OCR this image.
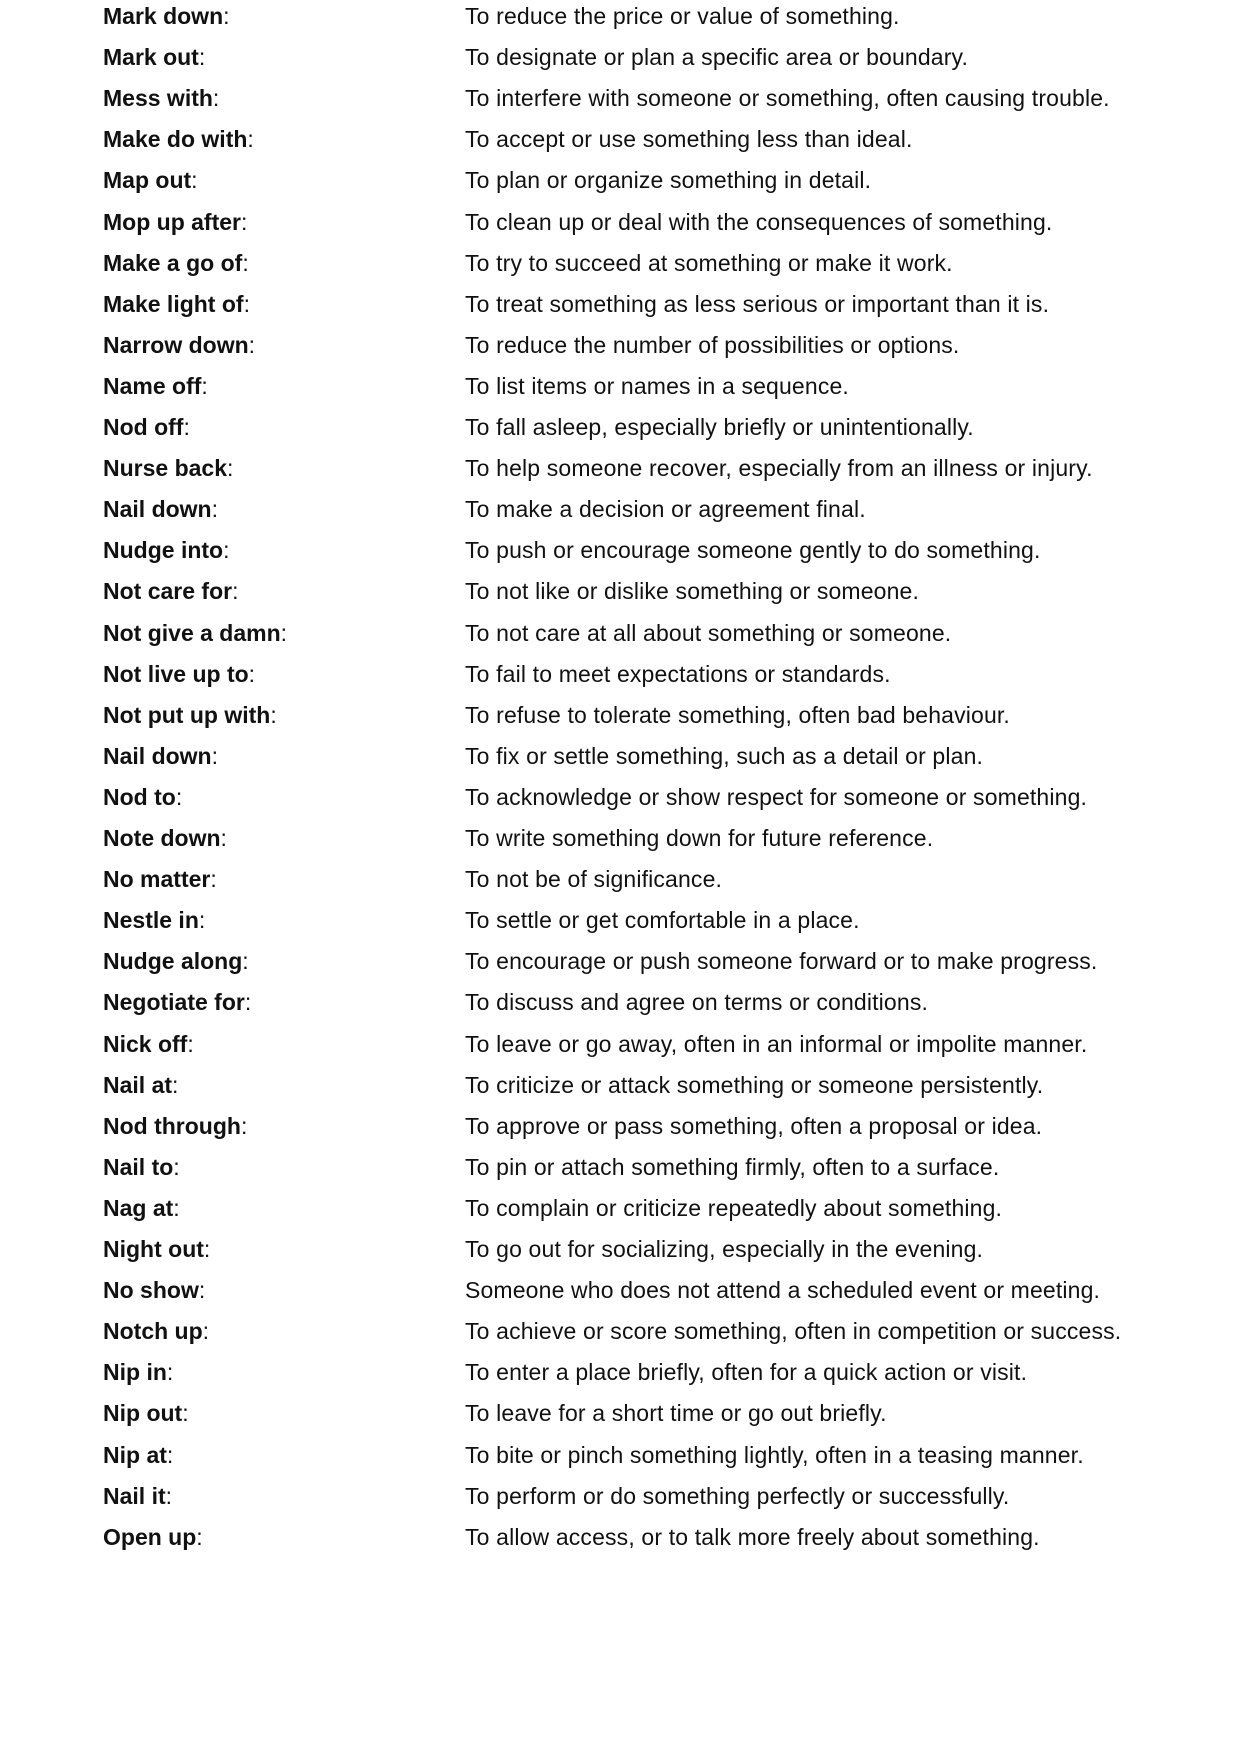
Mark down:	To reduce the price or value of something.
Mark out:	To designate or plan a specific area or boundary.
Mess with:	To interfere with someone or something, often causing trouble.
Make do with:	To accept or use something less than ideal.
Map out:	To plan or organize something in detail.
Mop up after:	To clean up or deal with the consequences of something.
Make a go of:	To try to succeed at something or make it work.
Make light of:	To treat something as less serious or important than it is.
Narrow down:	To reduce the number of possibilities or options.
Name off:	To list items or names in a sequence.
Nod off:	To fall asleep, especially briefly or unintentionally.
Nurse back:	To help someone recover, especially from an illness or injury.
Nail down:	To make a decision or agreement final.
Nudge into:	To push or encourage someone gently to do something.
Not care for:	To not like or dislike something or someone.
Not give a damn:	To not care at all about something or someone.
Not live up to:	To fail to meet expectations or standards.
Not put up with:	To refuse to tolerate something, often bad behaviour.
Nail down:	To fix or settle something, such as a detail or plan.
Nod to:	To acknowledge or show respect for someone or something.
Note down:	To write something down for future reference.
No matter:	To not be of significance.
Nestle in:	To settle or get comfortable in a place.
Nudge along:	To encourage or push someone forward or to make progress.
Negotiate for:	To discuss and agree on terms or conditions.
Nick off:	To leave or go away, often in an informal or impolite manner.
Nail at:	To criticize or attack something or someone persistently.
Nod through:	To approve or pass something, often a proposal or idea.
Nail to:	To pin or attach something firmly, often to a surface.
Nag at:	To complain or criticize repeatedly about something.
Night out:	To go out for socializing, especially in the evening.
No show:	Someone who does not attend a scheduled event or meeting.
Notch up:	To achieve or score something, often in competition or success.
Nip in:	To enter a place briefly, often for a quick action or visit.
Nip out:	To leave for a short time or go out briefly.
Nip at:	To bite or pinch something lightly, often in a teasing manner.
Nail it:	To perform or do something perfectly or successfully.
Open up:	To allow access, or to talk more freely about something.
